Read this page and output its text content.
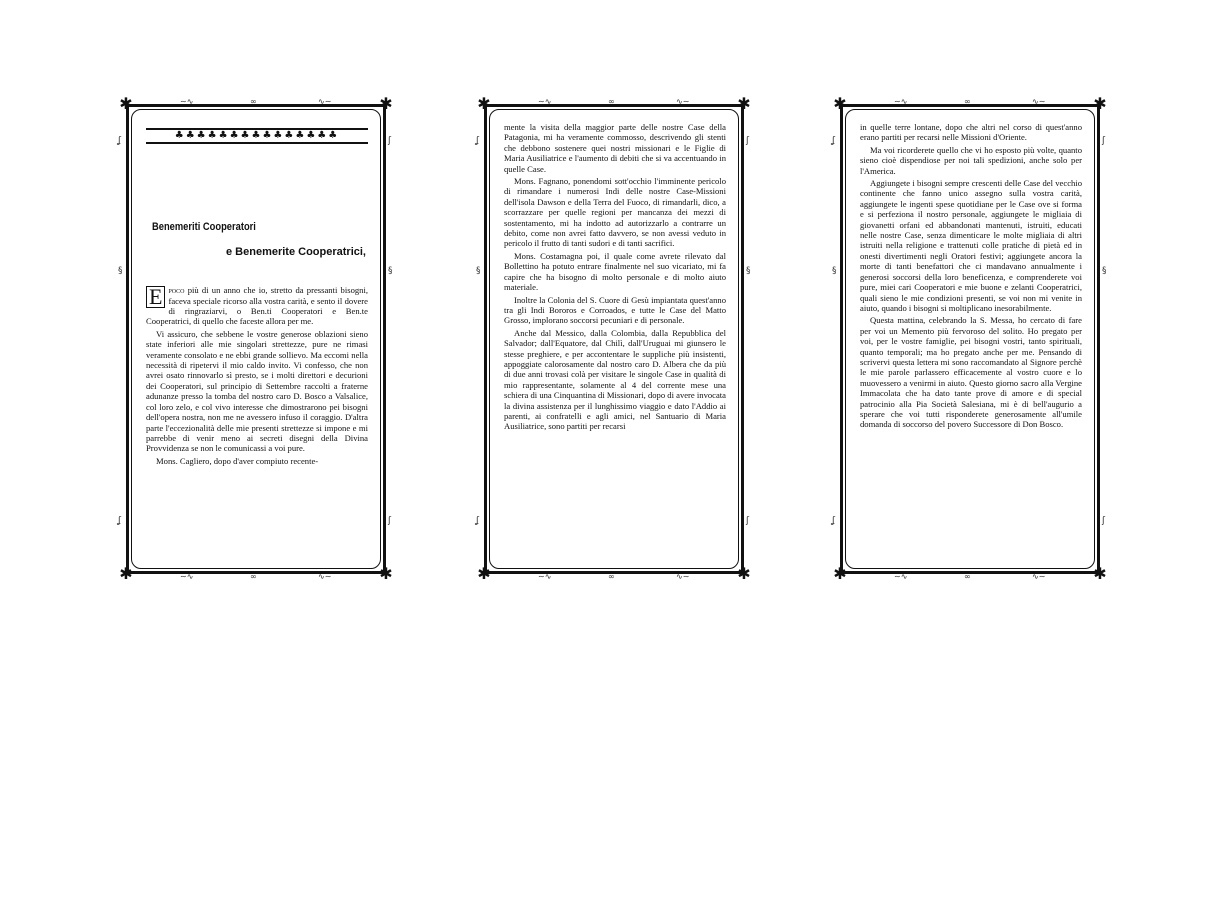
✱	✱
✱	✱
∼∿	∞	∿∼
∼∿	∞	∿∼
ʆ
ʆ
ʃ
ʃ
§	§
♣♣♣♣♣♣♣♣♣♣♣♣♣♣♣
Benemeriti Cooperatori
e Benemerite Cooperatrici,

E poco più di un anno che io, stretto da pressanti bisogni, faceva speciale ricorso alla vostra carità, e sento il dovere di ringraziarvi, o Ben.ti Cooperatori e Ben.te Cooperatrici, di quello che faceste allora per me.

Vi assicuro, che sebbene le vostre generose oblazioni sieno state inferiori alle mie singolari strettezze, pure ne rimasi veramente consolato e ne ebbi grande sollievo. Ma eccomi nella necessità di ripetervi il mio caldo invito. Vi confesso, che non avrei osato rinnovarlo sì presto, se i molti direttori e decurioni dei Cooperatori, sul principio di Settembre raccolti a fraterne adunanze presso la tomba del nostro caro D. Bosco a Valsalice, col loro zelo, e col vivo interesse che dimostrarono pei bisogni dell'opera nostra, non me ne avessero infuso il coraggio. D'altra parte l'eccezionalità delle mie presenti strettezze si impone e mi parrebbe di venir meno ai secreti disegni della Divina Provvidenza se non le comunicassi a voi pure.

Mons. Cagliero, dopo d'aver compiuto recente-

✱	✱
✱	✱
∼∿	∞	∿∼
∼∿	∞	∿∼
ʆ
ʆ
ʃ
ʃ
§	§

mente la visita della maggior parte delle nostre Case della Patagonia, mi ha veramente commosso, descrivendo gli stenti che debbono sostenere quei nostri missionari e le Figlie di Maria Ausiliatrice e l'aumento di debiti che si va accentuando in quelle Case.

Mons. Fagnano, ponendomi sott'occhio l'imminente pericolo di rimandare i numerosi Indi delle nostre Case-Missioni dell'isola Dawson e della Terra del Fuoco, di rimandarli, dico, a scorrazzare per quelle regioni per mancanza dei mezzi di sostentamento, mi ha indotto ad autorizzarlo a contrarre un debito, come non avrei fatto davvero, se non avessi veduto in pericolo il frutto di tanti sudori e di tanti sacrifici.

Mons. Costamagna poi, il quale come avrete rilevato dal Bollettino ha potuto entrare finalmente nel suo vicariato, mi fa capire che ha bisogno di molto personale e di molto aiuto materiale.

Inoltre la Colonia del S. Cuore di Gesù impiantata quest'anno tra gli Indi Bororos e Corroados, e tutte le Case del Matto Grosso, implorano soccorsi pecuniari e di personale.

Anche dal Messico, dalla Colombia, dalla Repubblica del Salvador; dall'Equatore, dal Chilì, dall'Uruguai mi giunsero le stesse preghiere, e per accontentare le suppliche più insistenti, appoggiate calorosamente dal nostro caro D. Albera che da più di due anni trovasi colà per visitare le singole Case in qualità di mio rappresentante, solamente al 4 del corrente mese una schiera di una Cinquantina di Missionari, dopo di avere invocata la divina assistenza per il lunghissimo viaggio e dato l'Addio ai parenti, ai confratelli e agli amici, nel Santuario di Maria Ausiliatrice, sono partiti per recarsi

✱	✱
✱	✱
∼∿	∞	∿∼
∼∿	∞	∿∼
ʆ
ʆ
ʃ
ʃ
§	§

in quelle terre lontane, dopo che altri nel corso di quest'anno erano partiti per recarsi nelle Missioni d'Oriente.

Ma voi ricorderete quello che vi ho esposto più volte, quanto sieno cioè dispendiose per noi tali spedizioni, anche solo per l'America.

Aggiungete i bisogni sempre crescenti delle Case del vecchio continente che fanno unico assegno sulla vostra carità, aggiungete le ingenti spese quotidiane per le Case ove si forma e si perfeziona il nostro personale, aggiungete le migliaia di giovanetti orfani ed abbandonati mantenuti, istruiti, educati nelle nostre Case, senza dimenticare le molte migliaia di altri istruiti nella religione e trattenuti colle pratiche di pietà ed in onesti divertimenti negli Oratori festivi; aggiungete ancora la morte di tanti benefattori che ci mandavano annualmente i generosi soccorsi della loro beneficenza, e comprenderete voi pure, miei cari Cooperatori e mie buone e zelanti Cooperatrici, quali sieno le mie condizioni presenti, se voi non mi venite in aiuto, quando i bisogni si moltiplicano inesorabilmente.

Questa mattina, celebrando la S. Messa, ho cercato di fare per voi un Memento più fervoroso del solito. Ho pregato per voi, per le vostre famiglie, pei bisogni vostri, tanto spirituali, quanto temporali; ma ho pregato anche per me. Pensando di scrivervi questa lettera mi sono raccomandato al Signore perchè le mie parole parlassero efficacemente al vostro cuore e lo muovessero a venirmi in aiuto. Questo giorno sacro alla Vergine Immacolata che ha dato tante prove di amore e di special patrocinio alla Pia Società Salesiana, mi è di bell'augurio a sperare che voi tutti risponderete generosamente all'umile domanda di soccorso del povero Successore di Don Bosco.
